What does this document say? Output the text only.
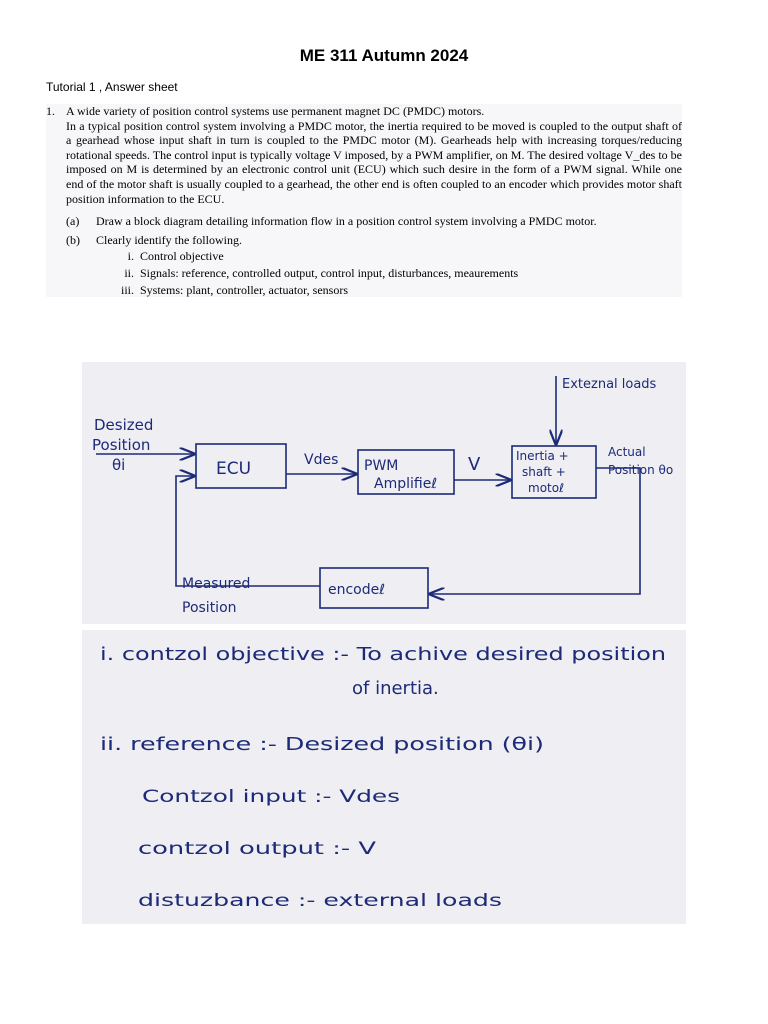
ME 311 Autumn 2024
Tutorial 1 , Answer sheet
1. A wide variety of position control systems use permanent magnet DC (PMDC) motors.

In a typical position control system involving a PMDC motor, the inertia required to be moved is coupled to the output shaft of a gearhead whose input shaft in turn is coupled to the PMDC motor (M). Gearheads help with increasing torques/reducing rotational speeds. The control input is typically voltage V imposed, by a PWM amplifier, on M. The desired voltage V_des to be imposed on M is determined by an electronic control unit (ECU) which such desire in the form of a PWM signal. While one end of the motor shaft is usually coupled to a gearhead, the other end is often coupled to an encoder which provides motor shaft position information to the ECU.

(a)	Draw a block diagram detailing information flow in a position control system involving a PMDC motor.
(b)	Clearly identify the following.
i. Control objective
ii. Signals: reference, controlled output, control input, disturbances, meaurements
iii. Systems: plant, controller, actuator, sensors
Desized
Position
θi	ECU	Vdes PWM
Amplifieℓ
V	Inertia +
shaft +
motoℓ
Exteznal loads
Actual
Position θo
Measured
Position
encodeℓ
i. contzol objective :- To achive desired position
of inertia.
ii. reference :- Desized position (θi)
Contzol input :- Vdes
contzol output :- V
distuzbance :- external loads
